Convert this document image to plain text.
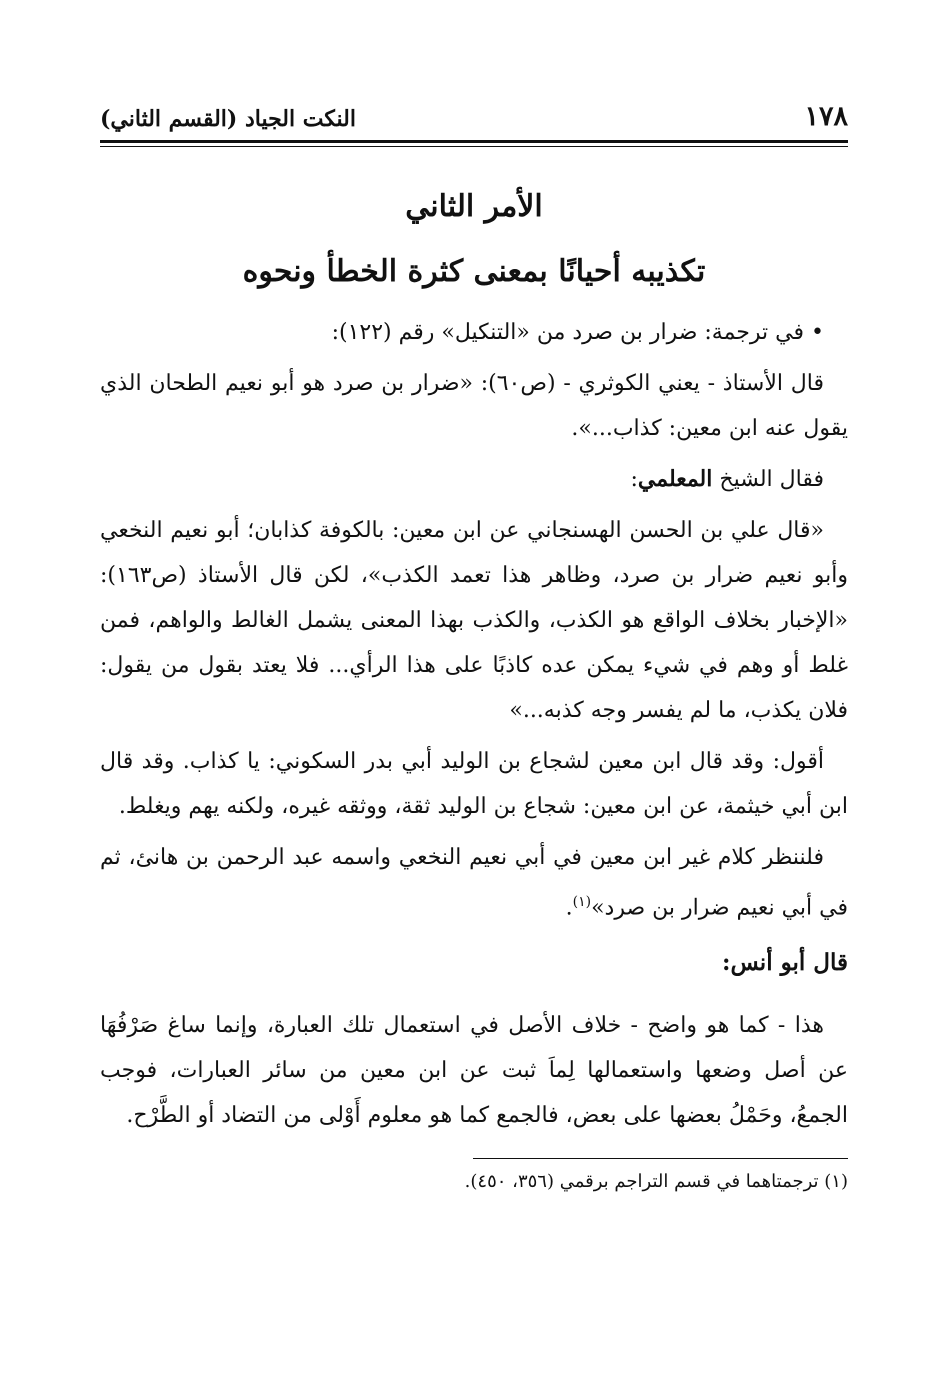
١٧٨
النكت الجياد (القسم الثاني)
الأمر الثاني
تكذيبه أحيانًا بمعنى كثرة الخطأ ونحوه

• في ترجمة: ضرار بن صرد من «التنكيل» رقم (١٢٢):

قال الأستاذ - يعني الكوثري - (ص٦٠): «ضرار بن صرد هو أبو نعيم الطحان الذي يقول عنه ابن معين: كذاب...».

فقال الشيخ المعلمي:

«قال علي بن الحسن الهسنجاني عن ابن معين: بالكوفة كذابان؛ أبو نعيم النخعي وأبو نعيم ضرار بن صرد، وظاهر هذا تعمد الكذب»، لكن قال الأستاذ (ص١٦٣): «الإخبار بخلاف الواقع هو الكذب، والكذب بهذا المعنى يشمل الغالط والواهم، فمن غلط أو وهم في شيء يمكن عده كاذبًا على هذا الرأي... فلا يعتد بقول من يقول: فلان يكذب، ما لم يفسر وجه كذبه...»

أقول: وقد قال ابن معين لشجاع بن الوليد أبي بدر السكوني: يا كذاب. وقد قال ابن أبي خيثمة، عن ابن معين: شجاع بن الوليد ثقة، ووثقه غيره، ولكنه يهم ويغلط.

فلننظر كلام غير ابن معين في أبي نعيم النخعي واسمه عبد الرحمن بن هانئ، ثم في أبي نعيم ضرار بن صرد»$^{(١)}$.

قال أبو أنس:

هذا - كما هو واضح - خلاف الأصل في استعمال تلك العبارة، وإنما ساغ صَرْفُهَا عن أصل وضعها واستعمالها لِماَ ثبت عن ابن معين من سائر العبارات، فوجب الجمعُ، وحَمْلُ بعضها على بعض، فالجمع كما هو معلوم أَوْلى من التضاد أو الطَّرْح.

(١) ترجمتاهما في قسم التراجم برقمي (٣٥٦، ٤٥٠).
